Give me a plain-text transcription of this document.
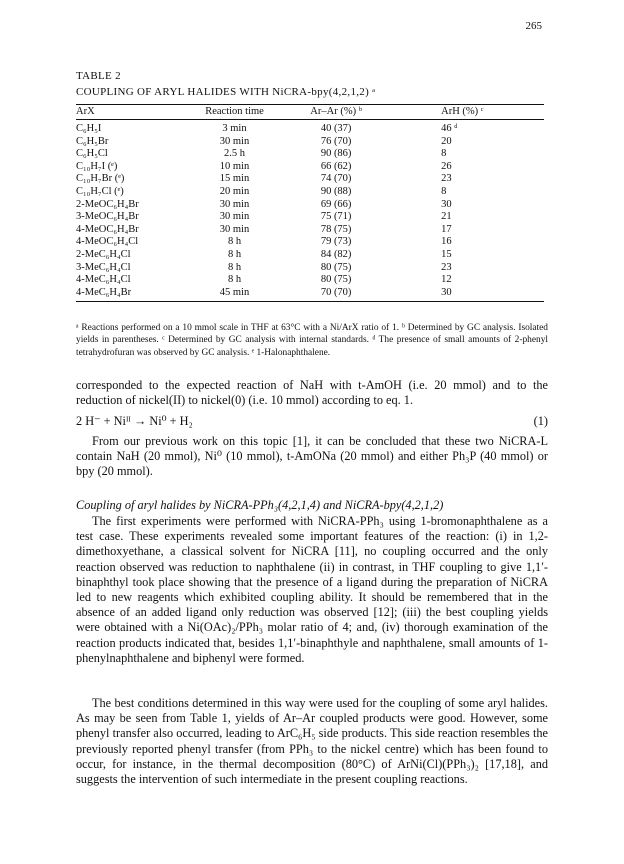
265
TABLE 2
COUPLING OF ARYL HALIDES WITH NiCRA-bpy(4,2,1,2) ᵃ
ArX	Reaction time	Ar–Ar (%) ᵇ	ArH (%) ᶜ
C₆H₅I	3 min	40 (37)	46 ᵈ
C₆H₅Br	30 min	76 (70)	20
C₆H₅Cl	2.5 h	90 (86)	8
C₁₀H₇I (ᵉ)	10 min	66 (62)	26
C₁₀H₇Br (ᵉ)	15 min	74 (70)	23
C₁₀H₇Cl (ᵉ)	20 min	90 (88)	8
2-MeOC₆H₄Br	30 min	69 (66)	30
3-MeOC₆H₄Br	30 min	75 (71)	21
4-MeOC₆H₄Br	30 min	78 (75)	17
4-MeOC₆H₄Cl	8 h	79 (73)	16
2-MeC₆H₄Cl	8 h	84 (82)	15
3-MeC₆H₄Cl	8 h	80 (75)	23
4-MeC₆H₄Cl	8 h	80 (75)	12
4-MeC₆H₄Br	45 min	70 (70)	30
ᵃ Reactions performed on a 10 mmol scale in THF at 63°C with a Ni/ArX ratio of 1. ᵇ Determined by GC analysis. Isolated yields in parentheses. ᶜ Determined by GC analysis with internal standards. ᵈ The presence of small amounts of 2-phenyl tetrahydrofuran was observed by GC analysis. ᵉ 1-Halonaphthalene.
corresponded to the expected reaction of NaH with t-AmOH (i.e. 20 mmol) and to the reduction of nickel(II) to nickel(0) (i.e. 10 mmol) according to eq. 1.
2 H⁻ + Niᴵᴵ → Ni⁰ + H₂	(1)
From our previous work on this topic [1], it can be concluded that these two NiCRA-L contain NaH (20 mmol), Ni⁰ (10 mmol), t-AmONa (20 mmol) and either Ph₃P (40 mmol) or bpy (20 mmol).
Coupling of aryl halides by NiCRA-PPh₃(4,2,1,4) and NiCRA-bpy(4,2,1,2)
The first experiments were performed with NiCRA-PPh₃ using 1-bromonaphthalene as a test case. These experiments revealed some important features of the reaction: (i) in 1,2-dimethoxyethane, a classical solvent for NiCRA [11], no coupling occurred and the only reaction observed was reduction to naphthalene (ii) in contrast, in THF coupling to give 1,1′-binaphthyl took place showing that the presence of a ligand during the preparation of NiCRA led to new reagents which exhibited coupling ability. It should be remembered that in the absence of an added ligand only reduction was observed [12]; (iii) the best coupling yields were obtained with a Ni(OAc)₂/PPh₃ molar ratio of 4; and, (iv) thorough examination of the reaction products indicated that, besides 1,1′-binaphthyle and naphthalene, small amounts of 1-phenylnaphthalene and biphenyl were formed.
The best conditions determined in this way were used for the coupling of some aryl halides. As may be seen from Table 1, yields of Ar–Ar coupled products were good. However, some phenyl transfer also occurred, leading to ArC₆H₅ side products. This side reaction resembles the previously reported phenyl transfer (from PPh₃ to the nickel centre) which has been found to occur, for instance, in the thermal decomposition (80°C) of ArNi(Cl)(PPh₃)₂ [17,18], and suggests the intervention of such intermediate in the present coupling reactions.
